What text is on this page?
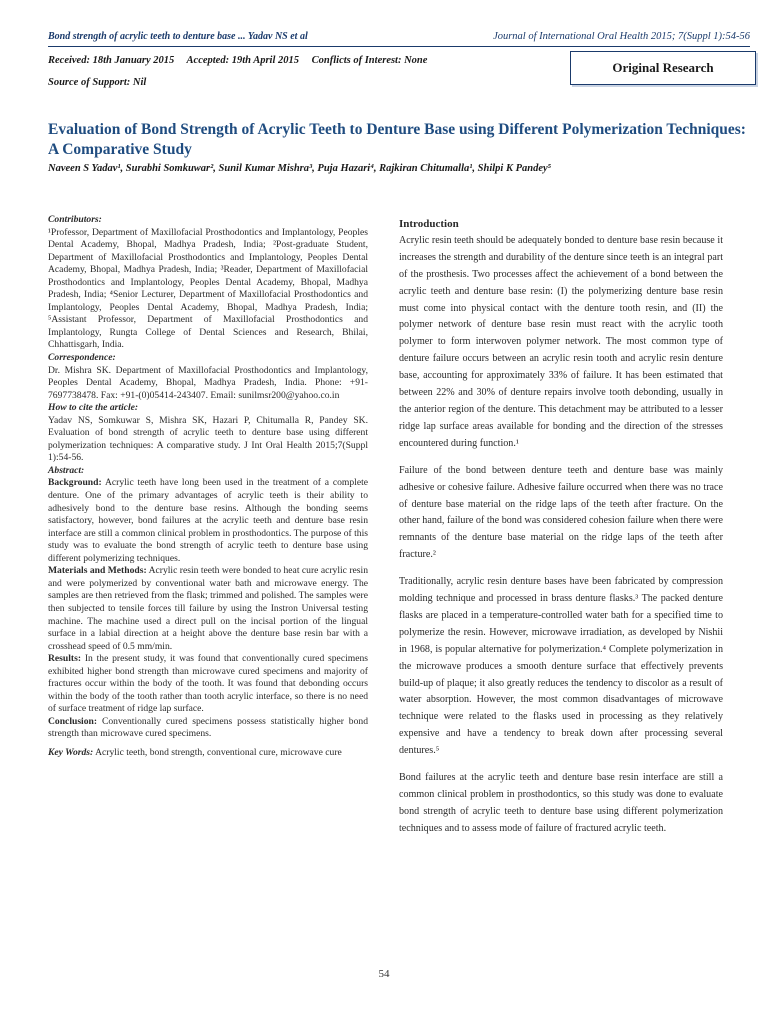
Bond strength of acrylic teeth to denture base ... Yadav NS et al	Journal of International Oral Health 2015; 7(Suppl 1):54-56
Received: 18th January 2015 Accepted: 19th April 2015 Conflicts of Interest: None
Source of Support: Nil
Original Research
Evaluation of Bond Strength of Acrylic Teeth to Denture Base using Different Polymerization Techniques: A Comparative Study
Naveen S Yadav¹, Surabhi Somkuwar², Sunil Kumar Mishra³, Puja Hazari⁴, Rajkiran Chitumalla¹, Shilpi K Pandey⁵

Contributors:

¹Professor, Department of Maxillofacial Prosthodontics and Implantology, Peoples Dental Academy, Bhopal, Madhya Pradesh, India; ²Post-graduate Student, Department of Maxillofacial Prosthodontics and Implantology, Peoples Dental Academy, Bhopal, Madhya Pradesh, India; ³Reader, Department of Maxillofacial Prosthodontics and Implantology, Peoples Dental Academy, Bhopal, Madhya Pradesh, India; ⁴Senior Lecturer, Department of Maxillofacial Prosthodontics and Implantology, Peoples Dental Academy, Bhopal, Madhya Pradesh, India; ⁵Assistant Professor, Department of Maxillofacial Prosthodontics and Implantology, Rungta College of Dental Sciences and Research, Bhilai, Chhattisgarh, India.

Correspondence:

Dr. Mishra SK. Department of Maxillofacial Prosthodontics and Implantology, Peoples Dental Academy, Bhopal, Madhya Pradesh, India. Phone: +91-7697738478. Fax: +91-(0)05414-243407. Email: sunilmsr200@yahoo.co.in

How to cite the article:

Yadav NS, Somkuwar S, Mishra SK, Hazari P, Chitumalla R, Pandey SK. Evaluation of bond strength of acrylic teeth to denture base using different polymerization techniques: A comparative study. J Int Oral Health 2015;7(Suppl 1):54-56.

Abstract:

Background: Acrylic teeth have long been used in the treatment of a complete denture. One of the primary advantages of acrylic teeth is their ability to adhesively bond to the denture base resins. Although the bonding seems satisfactory, however, bond failures at the acrylic teeth and denture base resin interface are still a common clinical problem in prosthodontics. The purpose of this study was to evaluate the bond strength of acrylic teeth to denture base using different polymerizing techniques.

Materials and Methods: Acrylic resin teeth were bonded to heat cure acrylic resin and were polymerized by conventional water bath and microwave energy. The samples are then retrieved from the flask; trimmed and polished. The samples were then subjected to tensile forces till failure by using the Instron Universal testing machine. The machine used a direct pull on the incisal portion of the lingual surface in a labial direction at a height above the denture base resin bar with a crosshead speed of 0.5 mm/min.

Results: In the present study, it was found that conventionally cured specimens exhibited higher bond strength than microwave cured specimens and majority of fractures occur within the body of the tooth. It was found that debonding occurs within the body of the tooth rather than tooth acrylic interface, so there is no need of surface treatment of ridge lap surface.

Conclusion: Conventionally cured specimens possess statistically higher bond strength than microwave cured specimens.

Key Words: Acrylic teeth, bond strength, conventional cure, microwave cure

Introduction

Acrylic resin teeth should be adequately bonded to denture base resin because it increases the strength and durability of the denture since teeth is an integral part of the prosthesis. Two processes affect the achievement of a bond between the acrylic teeth and denture base resin: (I) the polymerizing denture base resin must come into physical contact with the denture tooth resin, and (II) the polymer network of denture base resin must react with the acrylic tooth polymer to form interwoven polymer network. The most common type of denture failure occurs between an acrylic resin tooth and acrylic resin denture base, accounting for approximately 33% of failure. It has been estimated that between 22% and 30% of denture repairs involve tooth debonding, usually in the anterior region of the denture. This detachment may be attributed to a lesser ridge lap surface areas available for bonding and the direction of the stresses encountered during function.¹

Failure of the bond between denture teeth and denture base was mainly adhesive or cohesive failure. Adhesive failure occurred when there was no trace of denture base material on the ridge laps of the teeth after fracture. On the other hand, failure of the bond was considered cohesion failure when there were remnants of the denture base material on the ridge laps of the teeth after fracture.²

Traditionally, acrylic resin denture bases have been fabricated by compression molding technique and processed in brass denture flasks.³ The packed denture flasks are placed in a temperature-controlled water bath for a specified time to polymerize the resin. However, microwave irradiation, as developed by Nishii in 1968, is popular alternative for polymerization.⁴ Complete polymerization in the microwave produces a smooth denture surface that effectively prevents build-up of plaque; it also greatly reduces the tendency to discolor as a result of water absorption. However, the most common disadvantages of microwave technique were related to the flasks used in processing as they relatively expensive and have a tendency to break down after processing several dentures.⁵

Bond failures at the acrylic teeth and denture base resin interface are still a common clinical problem in prosthodontics, so this study was done to evaluate bond strength of acrylic teeth to denture base using different polymerization techniques and to assess mode of failure of fractured acrylic teeth.

54
